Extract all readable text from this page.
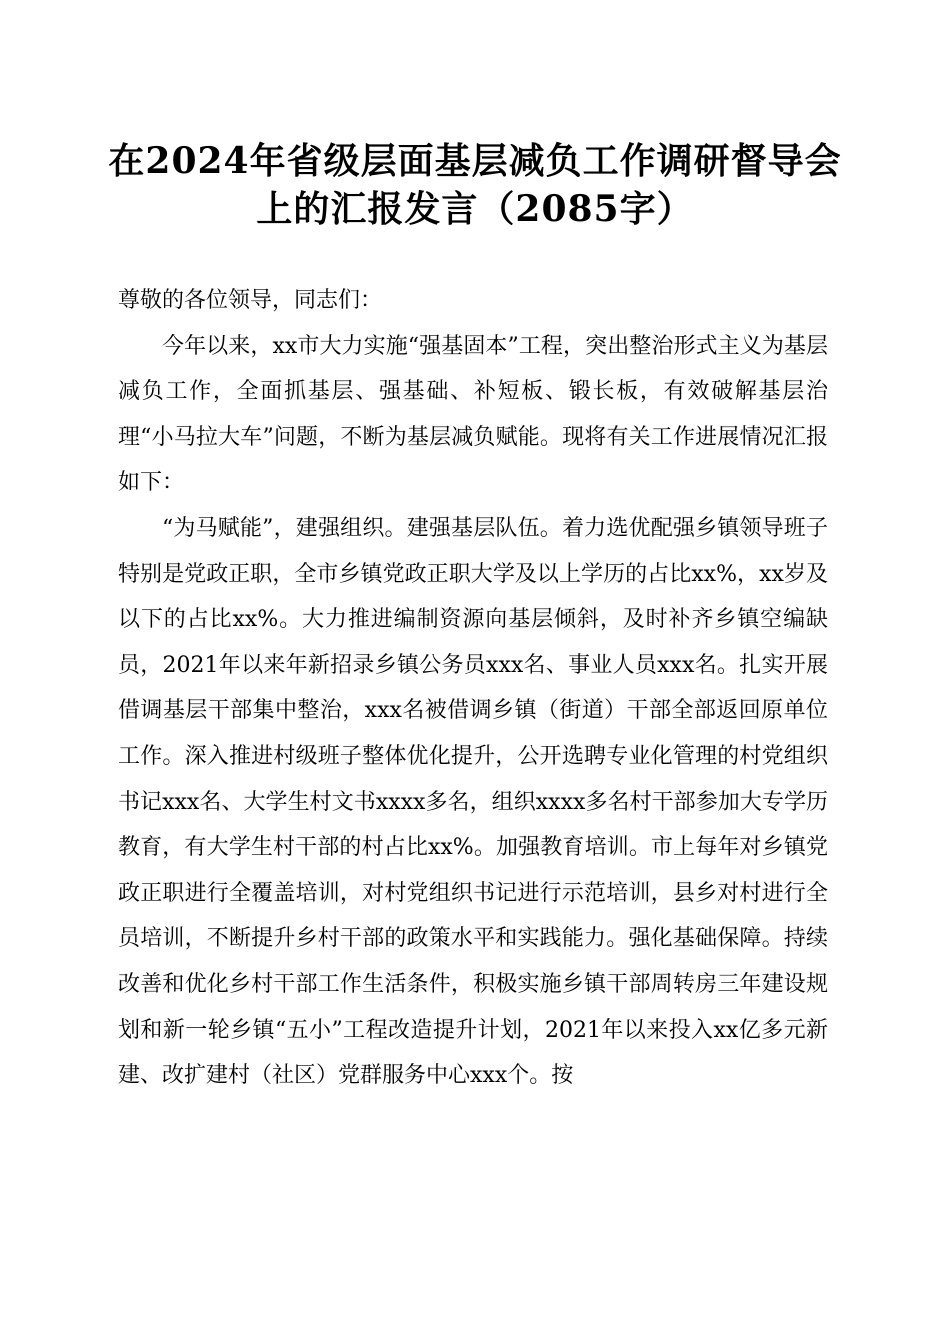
在2024年省级层面基层减负工作调研督导会
上的汇报发言（2085字）

尊敬的各位领导，同志们：

今年以来，xx市大力实施“强基固本”工程，突出整治形式主义为基层减负工作，全面抓基层、强基础、补短板、锻长板，有效破解基层治理“小马拉大车”问题，不断为基层减负赋能。现将有关工作进展情况汇报如下：

“为马赋能”，建强组织。建强基层队伍。着力选优配强乡镇领导班子特别是党政正职，全市乡镇党政正职大学及以上学历的占比xx%，xx岁及以下的占比xx%。大力推进编制资源向基层倾斜，及时补齐乡镇空编缺员，2021年以来年新招录乡镇公务员xxx名、事业人员xxx名。扎实开展借调基层干部集中整治，xxx名被借调乡镇（街道）干部全部返回原单位工作。深入推进村级班子整体优化提升，公开选聘专业化管理的村党组织书记xxx名、大学生村文书xxxx多名，组织xxxx多名村干部参加大专学历教育，有大学生村干部的村占比xx%。加强教育培训。市上每年对乡镇党政正职进行全覆盖培训，对村党组织书记进行示范培训，县乡对村进行全员培训，不断提升乡村干部的政策水平和实践能力。强化基础保障。持续改善和优化乡村干部工作生活条件，积极实施乡镇干部周转房三年建设规划和新一轮乡镇“五小”工程改造提升计划，2021年以来投入xx亿多元新建、改扩建村（社区）党群服务中心xxx个。按
